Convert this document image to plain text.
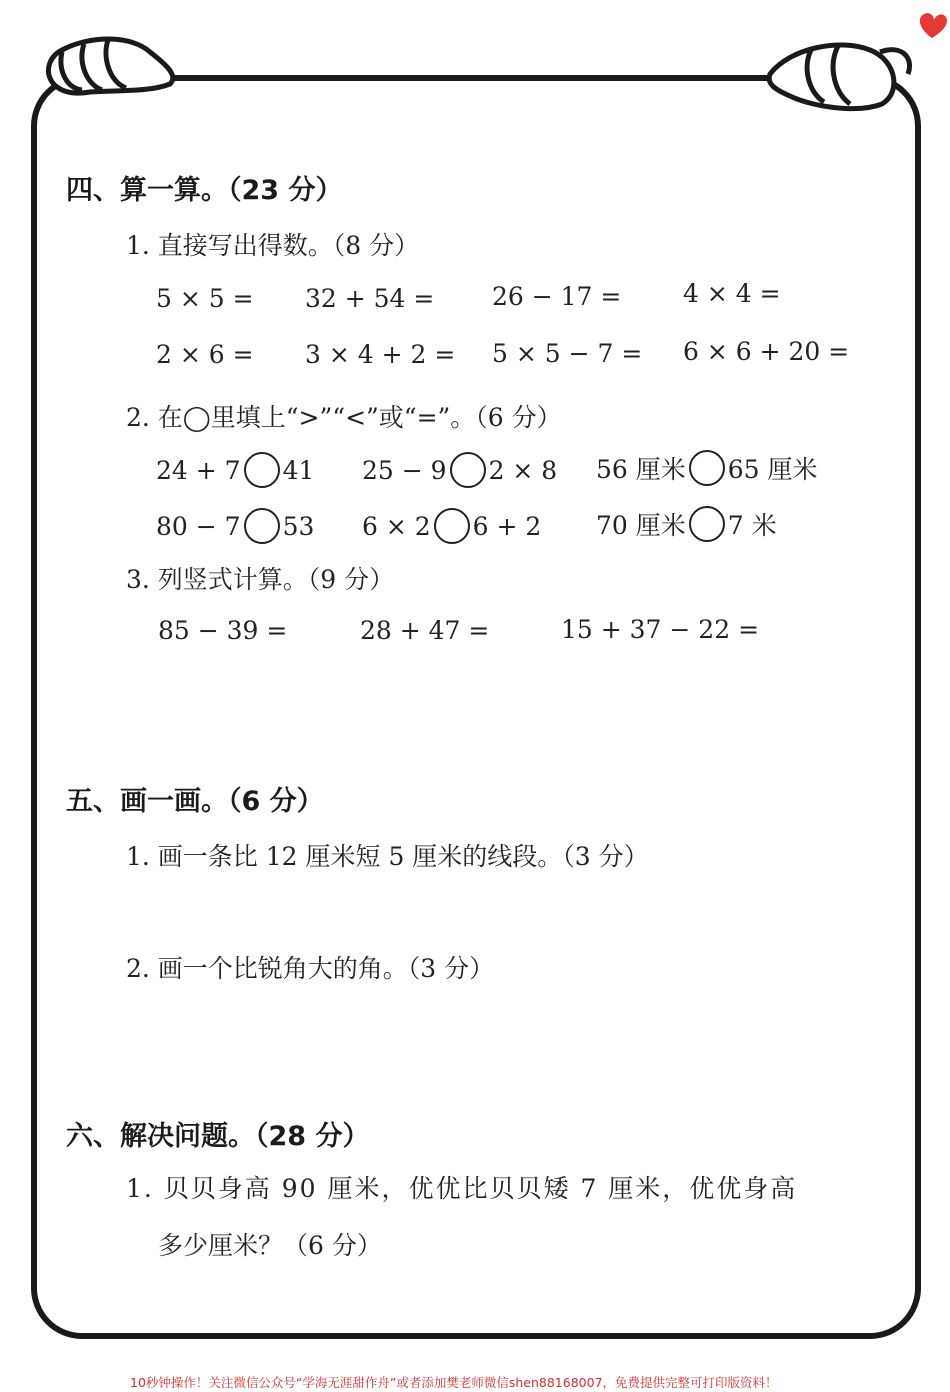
四、算一算。（23 分）
1. 直接写出得数。（8 分）
5 × 5 = 32 + 54 = 26 − 17 = 4 × 4 =
2 × 6 = 3 × 4 + 2 = 5 × 5 − 7 = 6 × 6 + 20 =
2. 在◯里填上“>”“<”或“=”。（6 分）
24 + 7 41 25 − 9 2 × 8 56 厘米 65 厘米
80 − 7 53 6 × 2 6 + 2 70 厘米 7 米
3. 列竖式计算。（9 分）
85 − 39 =	28 + 47 =	15 + 37 − 22 =
五、画一画。（6 分）
1. 画一条比 12 厘米短 5 厘米的线段。（3 分）
2. 画一个比锐角大的角。（3 分）
六、解决问题。（28 分）
1. 贝贝身高 90 厘米，优优比贝贝矮 7 厘米，优优身高
多少厘米？（6 分）
10秒钟操作！关注微信公众号“学海无涯甜作舟”或者添加樊老师微信shen88168007，免费提供完整可打印版资料！
